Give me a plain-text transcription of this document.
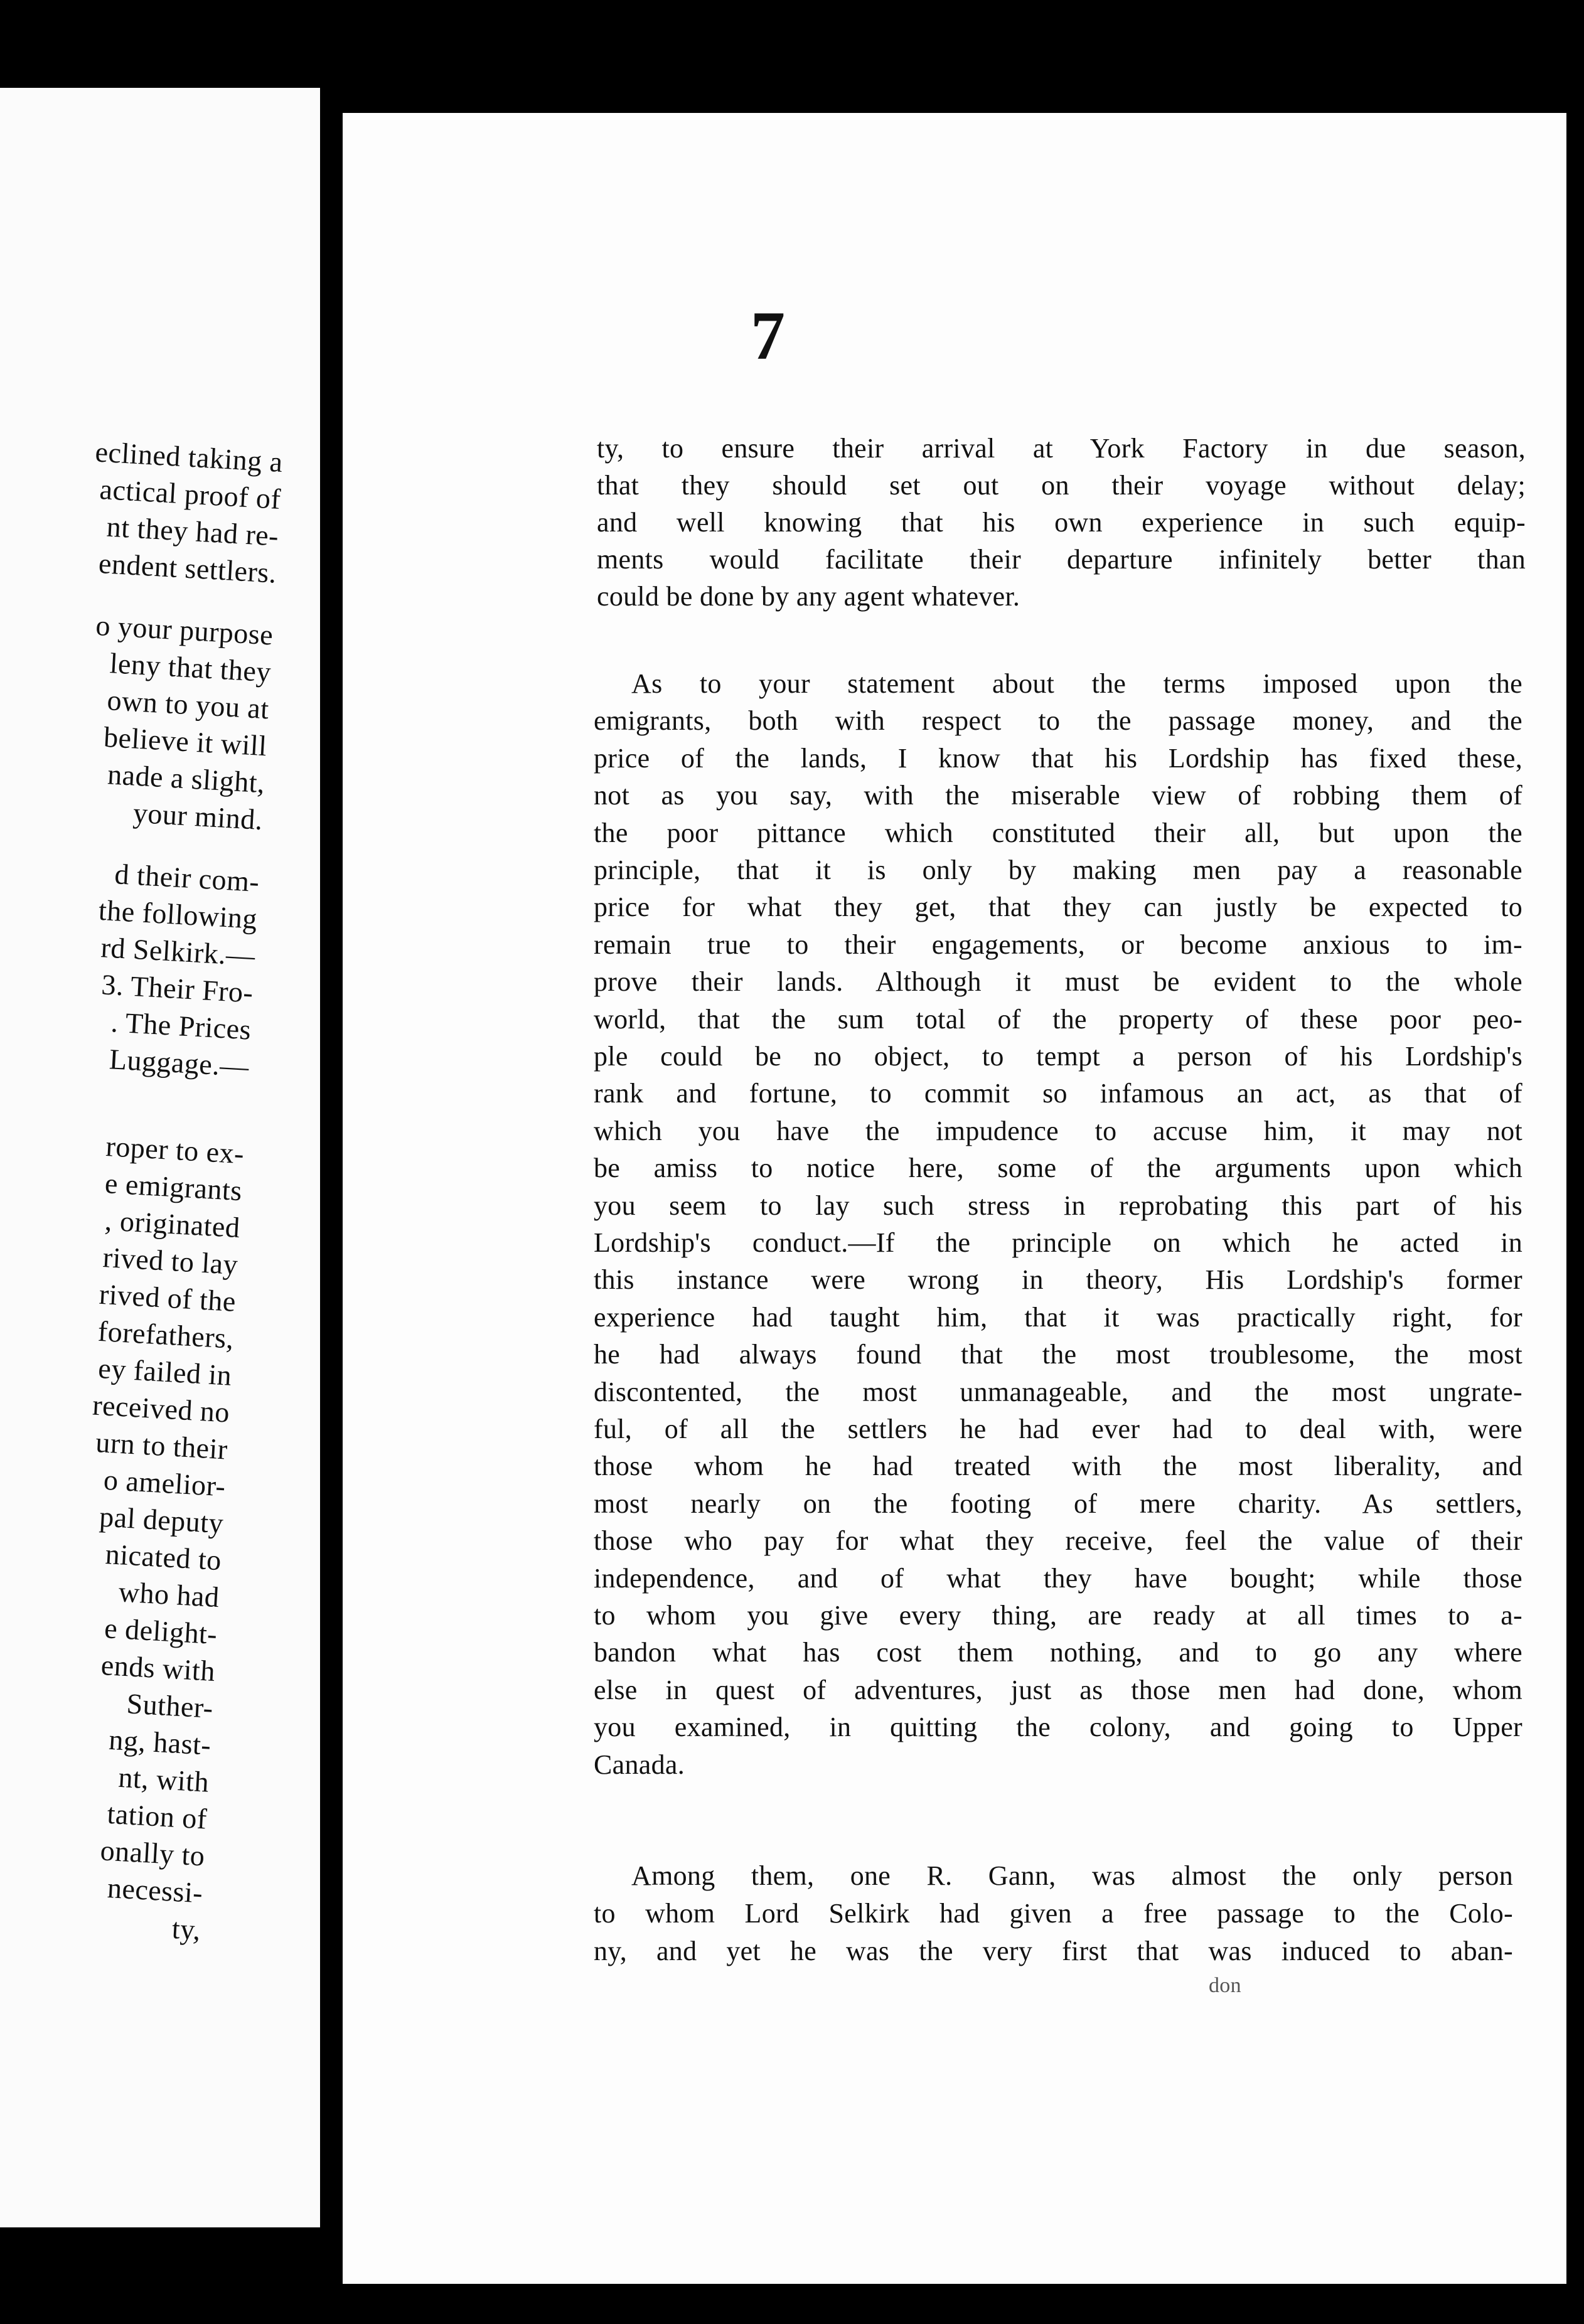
eclined taking a
actical proof of
nt they had re-
endent settlers.
o your purpose
leny that they
own to you at
believe it will
nade a slight,
your mind.
d their com-
the following
rd Selkirk.—
3. Their Fro-
. The Prices
Luggage.—
roper to ex-
e emigrants
, originated
rived to lay
rived of the
forefathers,
ey failed in
received no
urn to their
o amelior-
pal deputy
nicated to
who had
e delight-
ends with
Suther-
ng, hast-
nt, with
tation of
onally to
necessi-
ty,
7
ty, to ensure their arrival at York Factory in due season,
that they should set out on their voyage without delay;
and well knowing that his own experience in such equip-
ments would facilitate their departure infinitely better than
could be done by any agent whatever.
As to your statement about the terms imposed upon the
emigrants, both with respect to the passage money, and the
price of the lands, I know that his Lordship has fixed these,
not as you say, with the miserable view of robbing them of
the poor pittance which constituted their all, but upon the
principle, that it is only by making men pay a reasonable
price for what they get, that they can justly be expected to
remain true to their engagements, or become anxious to im-
prove their lands. Although it must be evident to the whole
world, that the sum total of the property of these poor peo-
ple could be no object, to tempt a person of his Lordship's
rank and fortune, to commit so infamous an act, as that of
which you have the impudence to accuse him, it may not
be amiss to notice here, some of the arguments upon which
you seem to lay such stress in reprobating this part of his
Lordship's conduct.—If the principle on which he acted in
this instance were wrong in theory, His Lordship's former
experience had taught him, that it was practically right, for
he had always found that the most troublesome, the most
discontented, the most unmanageable, and the most ungrate-
ful, of all the settlers he had ever had to deal with, were
those whom he had treated with the most liberality, and
most nearly on the footing of mere charity. As settlers,
those who pay for what they receive, feel the value of their
independence, and of what they have bought; while those
to whom you give every thing, are ready at all times to a-
bandon what has cost them nothing, and to go any where
else in quest of adventures, just as those men had done, whom
you examined, in quitting the colony, and going to Upper
Canada.
Among them, one R. Gann, was almost the only person
to whom Lord Selkirk had given a free passage to the Colo-
ny, and yet he was the very first that was induced to aban-
don
